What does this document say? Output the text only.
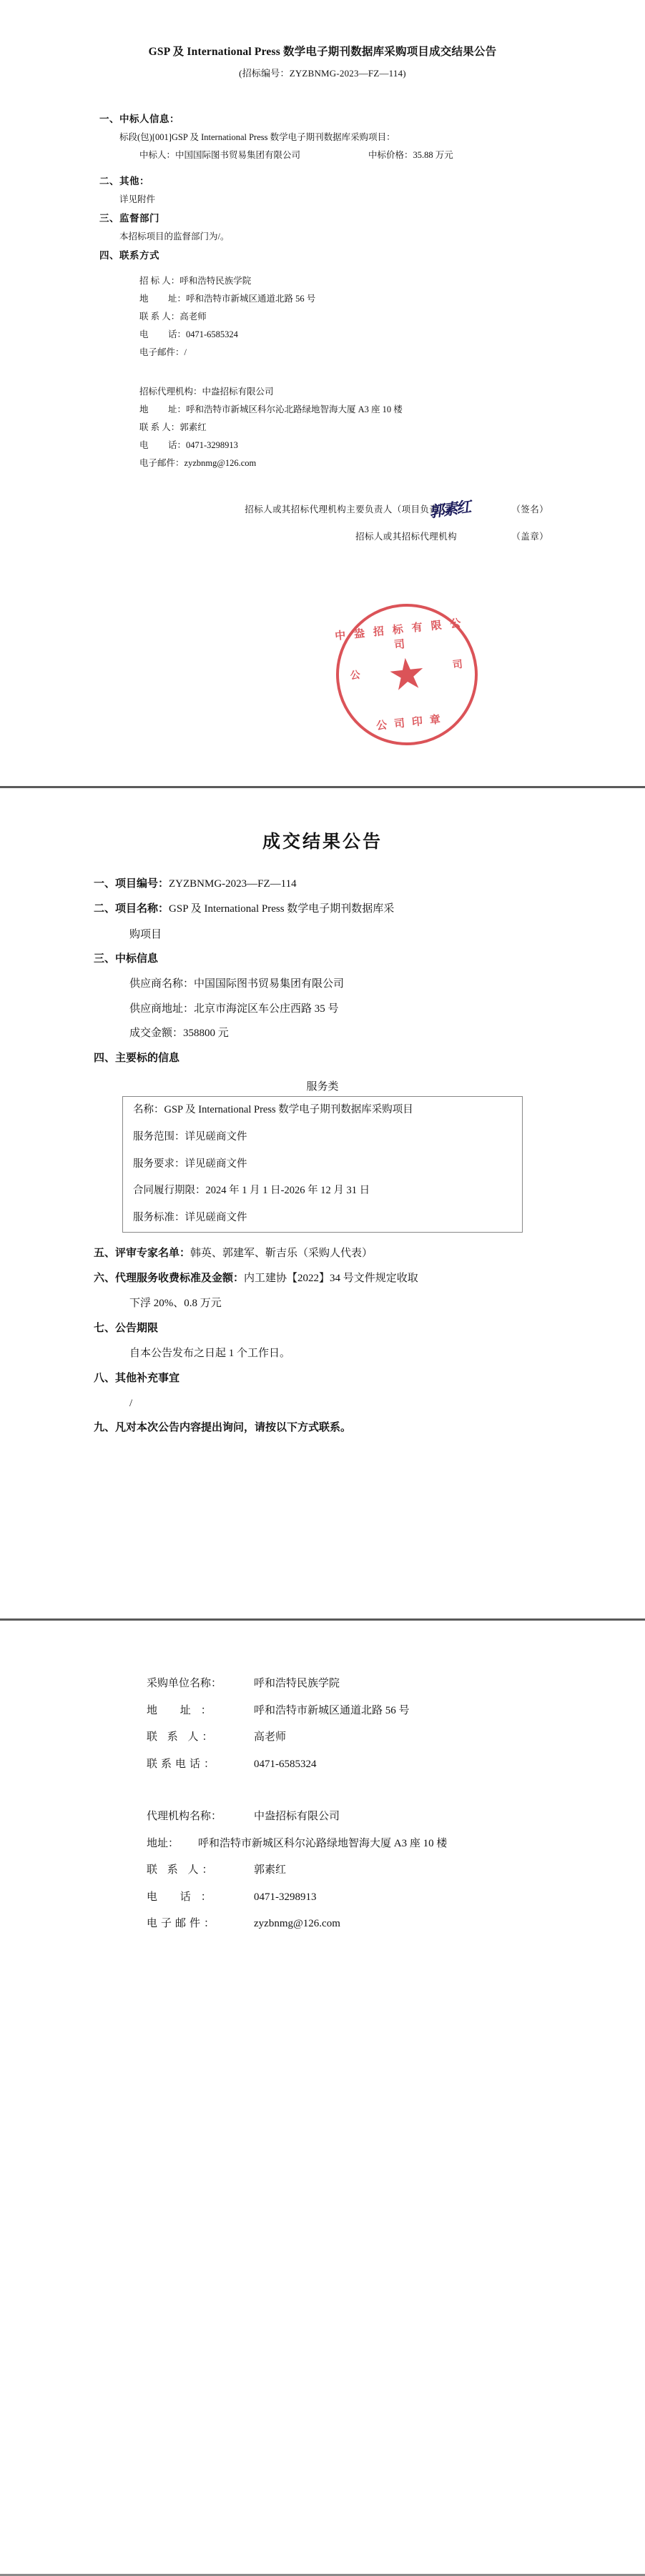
GSP 及 International Press 数学电子期刊数据库采购项目成交结果公告
(招标编号：ZYZBNMG-2023—FZ—114)
一、中标人信息：
标段(包)[001]GSP 及 International Press 数学电子期刊数据库采购项目：
中标人：中国国际图书贸易集团有限公司	中标价格：35.88 万元
二、其他：
详见附件
三、监督部门
本招标项目的监督部门为/。
四、联系方式
招 标 人：呼和浩特民族学院
地	址：呼和浩特市新城区通道北路 56 号
联 系 人：高老师
电	话：0471-6585324
电子邮件：/
招标代理机构：中盎招标有限公司
地	址：呼和浩特市新城区科尔沁北路绿地智海大厦 A3 座 10 楼
联 系 人：郭素红
电	话：0471-3298913
电子邮件：zyzbnmg@126.com
郭素红
招标人或其招标代理机构主要负责人（项目负责人）	（签名）
招标人或其招标代理机构	（盖章）
中盎招标有限公司
★
公
司
公司印章
成交结果公告
一、项目编号：ZYZBNMG-2023—FZ—114
二、项目名称：GSP 及 International Press 数学电子期刊数据库采
购项目
三、中标信息
供应商名称：中国国际图书贸易集团有限公司
供应商地址：北京市海淀区车公庄西路 35 号
成交金额：358800 元
四、主要标的信息
服务类
名称：GSP 及 International Press 数学电子期刊数据库采购项目
服务范围：详见磋商文件
服务要求：详见磋商文件
合同履行期限：2024 年 1 月 1 日-2026 年 12 月 31 日
服务标准：详见磋商文件
五、评审专家名单：韩英、郭建军、靳吉乐（采购人代表）
六、代理服务收费标准及金额：内工建协【2022】34 号文件规定收取
下浮 20%、0.8 万元
七、公告期限
自本公告发布之日起 1 个工作日。
八、其他补充事宜
/
九、凡对本次公告内容提出询问，请按以下方式联系。
采购单位名称：	呼和浩特民族学院
地 址：	呼和浩特市新城区通道北路 56 号
联 系 人：	高老师
联系电话：	0471-6585324
代理机构名称：	中盎招标有限公司
地址：	呼和浩特市新城区科尔沁路绿地智海大厦 A3 座 10 楼
联 系 人：	郭素红
电 话：	0471-3298913
电子邮件：	zyzbnmg@126.com
